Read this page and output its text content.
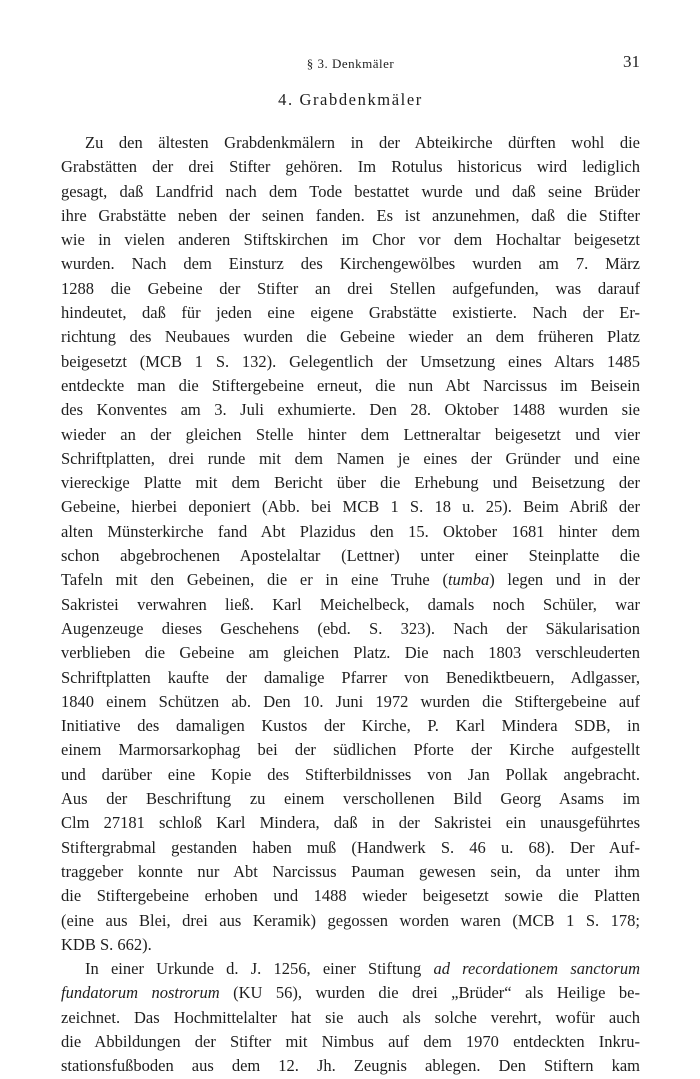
§ 3. Denkmäler	31
4. Grabdenkmäler
Zu den ältesten Grabdenkmälern in der Abteikirche dürften wohl die
Grabstätten der drei Stifter gehören. Im Rotulus historicus wird lediglich
gesagt, daß Landfrid nach dem Tode bestattet wurde und daß seine Brüder
ihre Grabstätte neben der seinen fanden. Es ist anzunehmen, daß die Stifter
wie in vielen anderen Stiftskirchen im Chor vor dem Hochaltar beigesetzt
wurden. Nach dem Einsturz des Kirchengewölbes wurden am 7. März
1288 die Gebeine der Stifter an drei Stellen aufgefunden, was darauf
hindeutet, daß für jeden eine eigene Grabstätte existierte. Nach der Er-
richtung des Neubaues wurden die Gebeine wieder an dem früheren Platz
beigesetzt (MCB 1 S. 132). Gelegentlich der Umsetzung eines Altars 1485
entdeckte man die Stiftergebeine erneut, die nun Abt Narcissus im Beisein
des Konventes am 3. Juli exhumierte. Den 28. Oktober 1488 wurden sie
wieder an der gleichen Stelle hinter dem Lettneraltar beigesetzt und vier
Schriftplatten, drei runde mit dem Namen je eines der Gründer und eine
viereckige Platte mit dem Bericht über die Erhebung und Beisetzung der
Gebeine, hierbei deponiert (Abb. bei MCB 1 S. 18 u. 25). Beim Abriß der
alten Münsterkirche fand Abt Plazidus den 15. Oktober 1681 hinter dem
schon abgebrochenen Apostelaltar (Lettner) unter einer Steinplatte die
Tafeln mit den Gebeinen, die er in eine Truhe (tumba) legen und in der
Sakristei verwahren ließ. Karl Meichelbeck, damals noch Schüler, war
Augenzeuge dieses Geschehens (ebd. S. 323). Nach der Säkularisation
verblieben die Gebeine am gleichen Platz. Die nach 1803 verschleuderten
Schriftplatten kaufte der damalige Pfarrer von Benediktbeuern, Adlgasser,
1840 einem Schützen ab. Den 10. Juni 1972 wurden die Stiftergebeine auf
Initiative des damaligen Kustos der Kirche, P. Karl Mindera SDB, in
einem Marmorsarkophag bei der südlichen Pforte der Kirche aufgestellt
und darüber eine Kopie des Stifterbildnisses von Jan Pollak angebracht.
Aus der Beschriftung zu einem verschollenen Bild Georg Asams im
Clm 27181 schloß Karl Mindera, daß in der Sakristei ein unausgeführtes
Stiftergrabmal gestanden haben muß (Handwerk S. 46 u. 68). Der Auf-
traggeber konnte nur Abt Narcissus Pauman gewesen sein, da unter ihm
die Stiftergebeine erhoben und 1488 wieder beigesetzt sowie die Platten
(eine aus Blei, drei aus Keramik) gegossen worden waren (MCB 1 S. 178;
KDB S. 662).
In einer Urkunde d. J. 1256, einer Stiftung ad recordationem sanctorum
fundatorum nostrorum (KU 56), wurden die drei „Brüder“ als Heilige be-
zeichnet. Das Hochmittelalter hat sie auch als solche verehrt, wofür auch
die Abbildungen der Stifter mit Nimbus auf dem 1970 entdeckten Inkru-
stationsfußboden aus dem 12. Jh. Zeugnis ablegen. Den Stiftern kam
